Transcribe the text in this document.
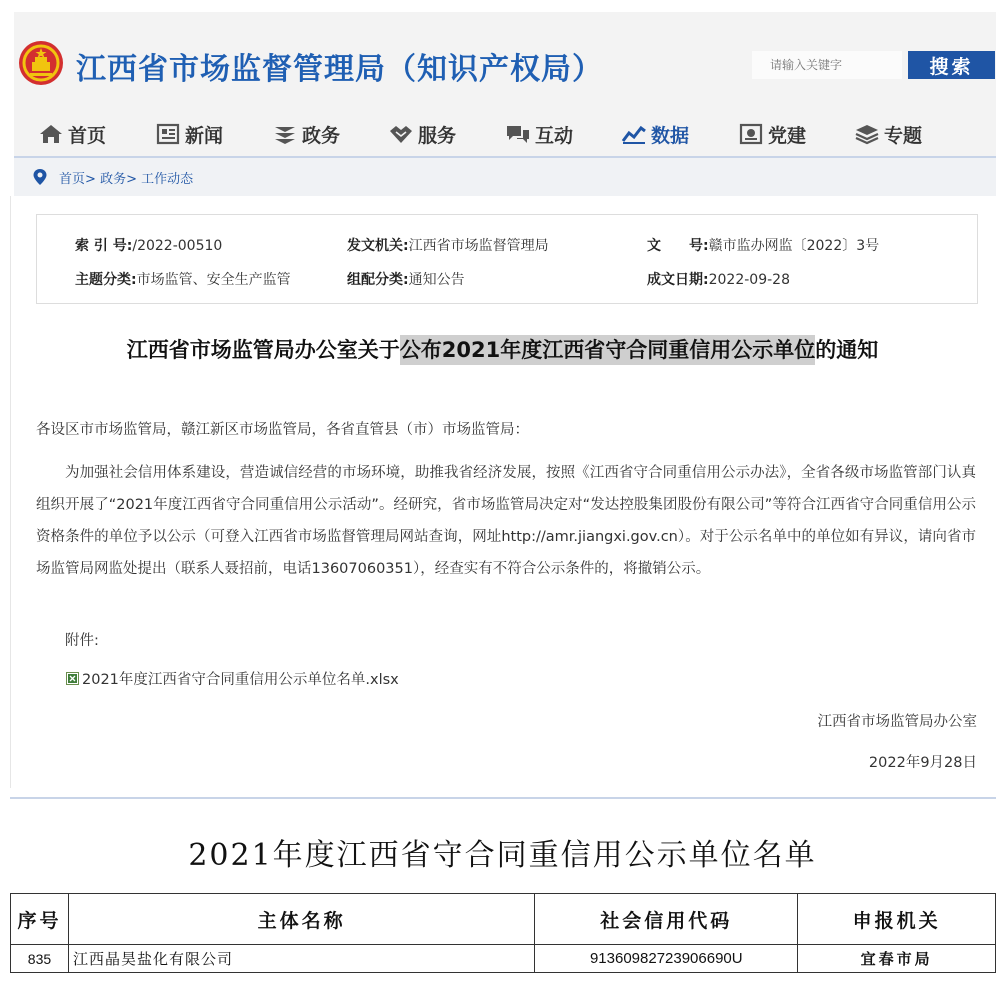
江西省市场监督管理局（知识产权局）
请输入关键字	搜索
首页	新闻	政务	服务	互动	数据	党建	专题
首页> 政务> 工作动态
索 引 号:/2022-00510	发文机关:江西省市场监督管理局	文　　号:赣市监办网监〔2022〕3号
主题分类:市场监管、安全生产监管	组配分类:通知公告	成文日期:2022-09-28
江西省市场监管局办公室关于公布2021年度江西省守合同重信用公示单位的通知
各设区市市场监管局，赣江新区市场监管局，各省直管县（市）市场监管局：
为加强社会信用体系建设，营造诚信经营的市场环境，助推我省经济发展，按照《江西省守合同重信用公示办法》，全省各级市场监管部门认真组织开展了“2021年度江西省守合同重信用公示活动”。经研究，省市场监管局决定对“发达控股集团股份有限公司”等符合江西省守合同重信用公示资格条件的单位予以公示（可登入江西省市场监督管理局网站查询，网址http://amr.jiangxi.gov.cn）。对于公示名单中的单位如有异议，请向省市场监管局网监处提出（联系人聂招前，电话13607060351），经查实有不符合公示条件的，将撤销公示。
附件:
2021年度江西省守合同重信用公示单位名单.xlsx
江西省市场监管局办公室
2022年9月28日
2021年度江西省守合同重信用公示单位名单
序号	主体名称	社会信用代码	申报机关
835	江西晶昊盐化有限公司	91360982723906690U	宜春市局
